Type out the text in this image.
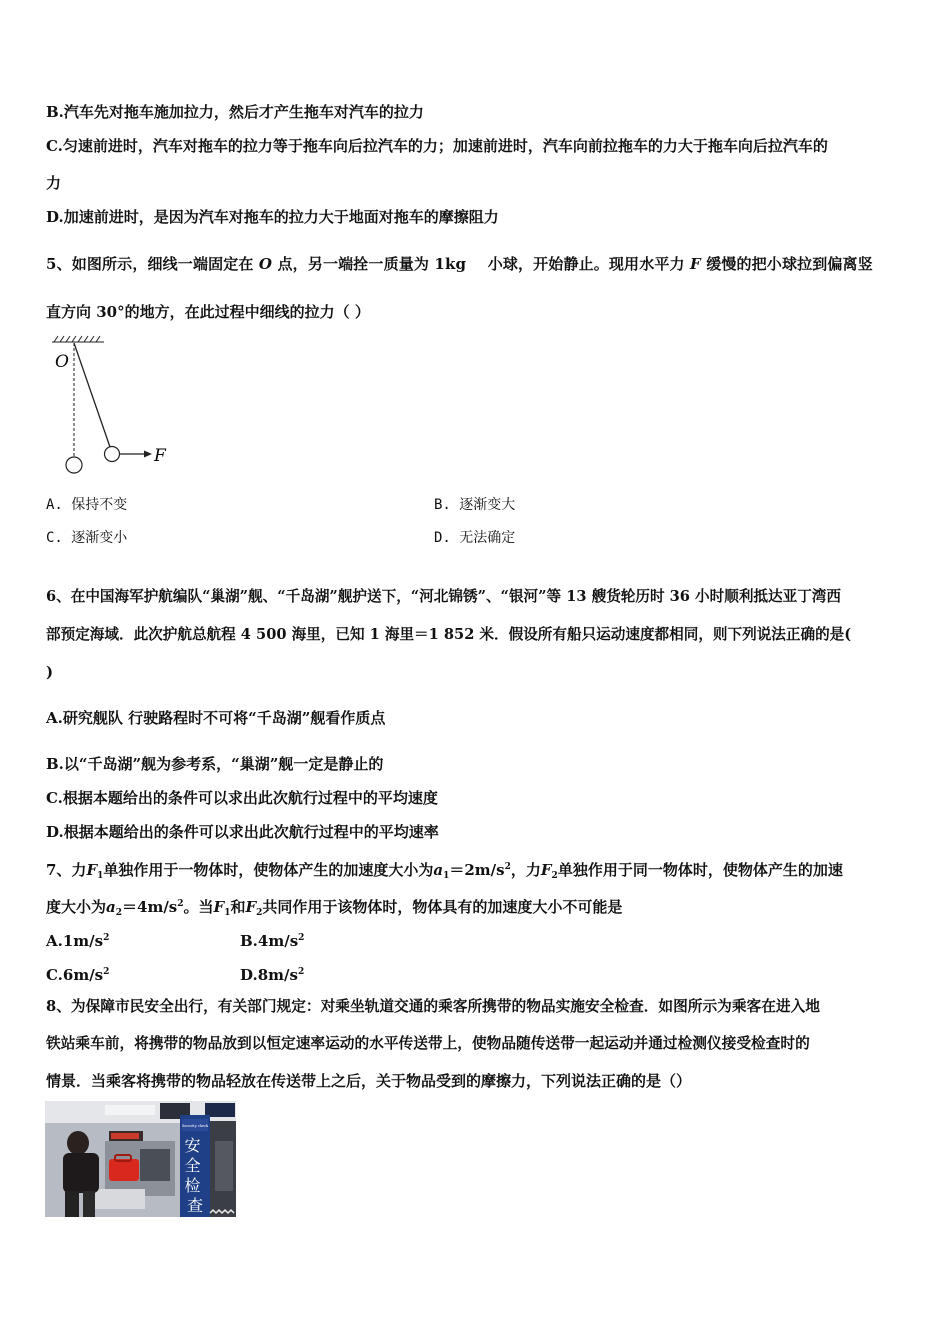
B.汽车先对拖车施加拉力，然后才产生拖车对汽车的拉力
C.匀速前进时，汽车对拖车的拉力等于拖车向后拉汽车的力；加速前进时，汽车向前拉拖车的力大于拖车向后拉汽车的
力
D.加速前进时，是因为汽车对拖车的拉力大于地面对拖车的摩擦阻力
5、如图所示，细线一端固定在 O 点，另一端拴一质量为 1kg 小球，开始静止。现用水平力 F 缓慢的把小球拉到偏离竖
直方向 30°的地方，在此过程中细线的拉力（ ）
O
F
A. 保持不变	B. 逐渐变大
C. 逐渐变小	D. 无法确定
6、在中国海军护航编队“巢湖”舰、“千岛湖”舰护送下，“河北锦锈”、“银河”等 13 艘货轮历时 36 小时顺利抵达亚丁湾西
部预定海域．此次护航总航程 4 500 海里，已知 1 海里＝1 852 米．假设所有船只运动速度都相同，则下列说法正确的是(
)
A.研究舰队 行驶路程时不可将“千岛湖”舰看作质点
B.以“千岛湖”舰为参考系，“巢湖”舰一定是静止的
C.根据本题给出的条件可以求出此次航行过程中的平均速度
D.根据本题给出的条件可以求出此次航行过程中的平均速率
7、力$F_1$单独作用于一物体时，使物体产生的加速度大小为$a_1=2m/s^2$，力$F_2$单独作用于同一物体时，使物体产生的加速
度大小为$a_2=4m/s^2$。当$F_1$和$F_2$共同作用于该物体时，物体具有的加速度大小不可能是
$A.1m/s^2$	$B.4m/s^2$
$C.6m/s^2$	$D.8m/s^2$
8、为保障市民安全出行，有关部门规定：对乘坐轨道交通的乘客所携带的物品实施安全检查．如图所示为乘客在进入地
铁站乘车前，将携带的物品放到以恒定速率运动的水平传送带上，使物品随传送带一起运动并通过检测仪接受检查时的
情景．当乘客将携带的物品轻放在传送带上之后，关于物品受到的摩擦力，下列说法正确的是（）
Security check
安 全 检 查
